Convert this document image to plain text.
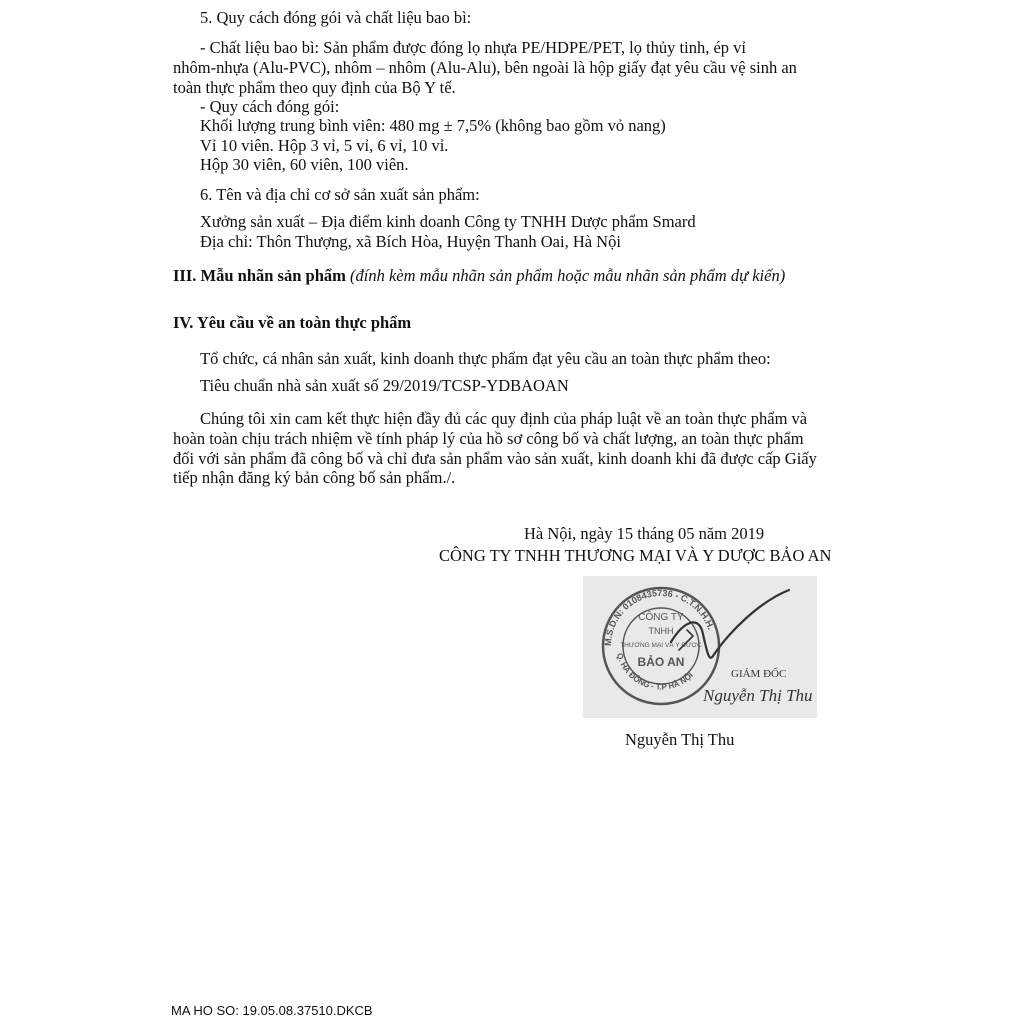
5. Quy cách đóng gói và chất liệu bao bì:
- Chất liệu bao bì: Sản phẩm được đóng lọ nhựa PE/HDPE/PET, lọ thủy tinh, ép vỉ
nhôm-nhựa (Alu-PVC), nhôm – nhôm (Alu-Alu), bên ngoài là hộp giấy đạt yêu cầu vệ sinh an
toàn thực phẩm theo quy định của Bộ Y tế.
- Quy cách đóng gói:
Khối lượng trung bình viên: 480 mg ± 7,5% (không bao gồm vỏ nang)
Vỉ 10 viên. Hộp 3 vỉ, 5 vỉ, 6 vỉ, 10 vỉ.
Hộp 30 viên, 60 viên, 100 viên.
6. Tên và địa chỉ cơ sở sản xuất sản phẩm:
Xưởng sản xuất – Địa điểm kinh doanh Công ty TNHH Dược phẩm Smard
Địa chỉ: Thôn Thượng, xã Bích Hòa, Huyện Thanh Oai, Hà Nội
III. Mẫu nhãn sản phẩm (đính kèm mẫu nhãn sản phẩm hoặc mẫu nhãn sản phẩm dự kiến)
IV. Yêu cầu về an toàn thực phẩm
Tổ chức, cá nhân sản xuất, kinh doanh thực phẩm đạt yêu cầu an toàn thực phẩm theo:
Tiêu chuẩn nhà sản xuất số 29/2019/TCSP-YDBAOAN
Chúng tôi xin cam kết thực hiện đầy đủ các quy định của pháp luật về an toàn thực phẩm và
hoàn toàn chịu trách nhiệm về tính pháp lý của hồ sơ công bố và chất lượng, an toàn thực phẩm
đối với sản phẩm đã công bố và chỉ đưa sản phẩm vào sản xuất, kinh doanh khi đã được cấp Giấy
tiếp nhận đăng ký bản công bố sản phẩm./.
Hà Nội, ngày 15 tháng 05 năm 2019
CÔNG TY TNHH THƯƠNG MẠI VÀ Y DƯỢC BẢO AN
M.S.D.N: 0108435736 - C.T.N.H.H.
Q. HÀ ĐÔNG - T.P HÀ NỘI
CÔNG TY
TNHH
THƯƠNG MẠI VÀ Y DƯỢC
BẢO AN
GIÁM ĐỐC
Nguyễn Thị Thu
Nguyễn Thị Thu
MA HO SO: 19.05.08.37510.DKCB
